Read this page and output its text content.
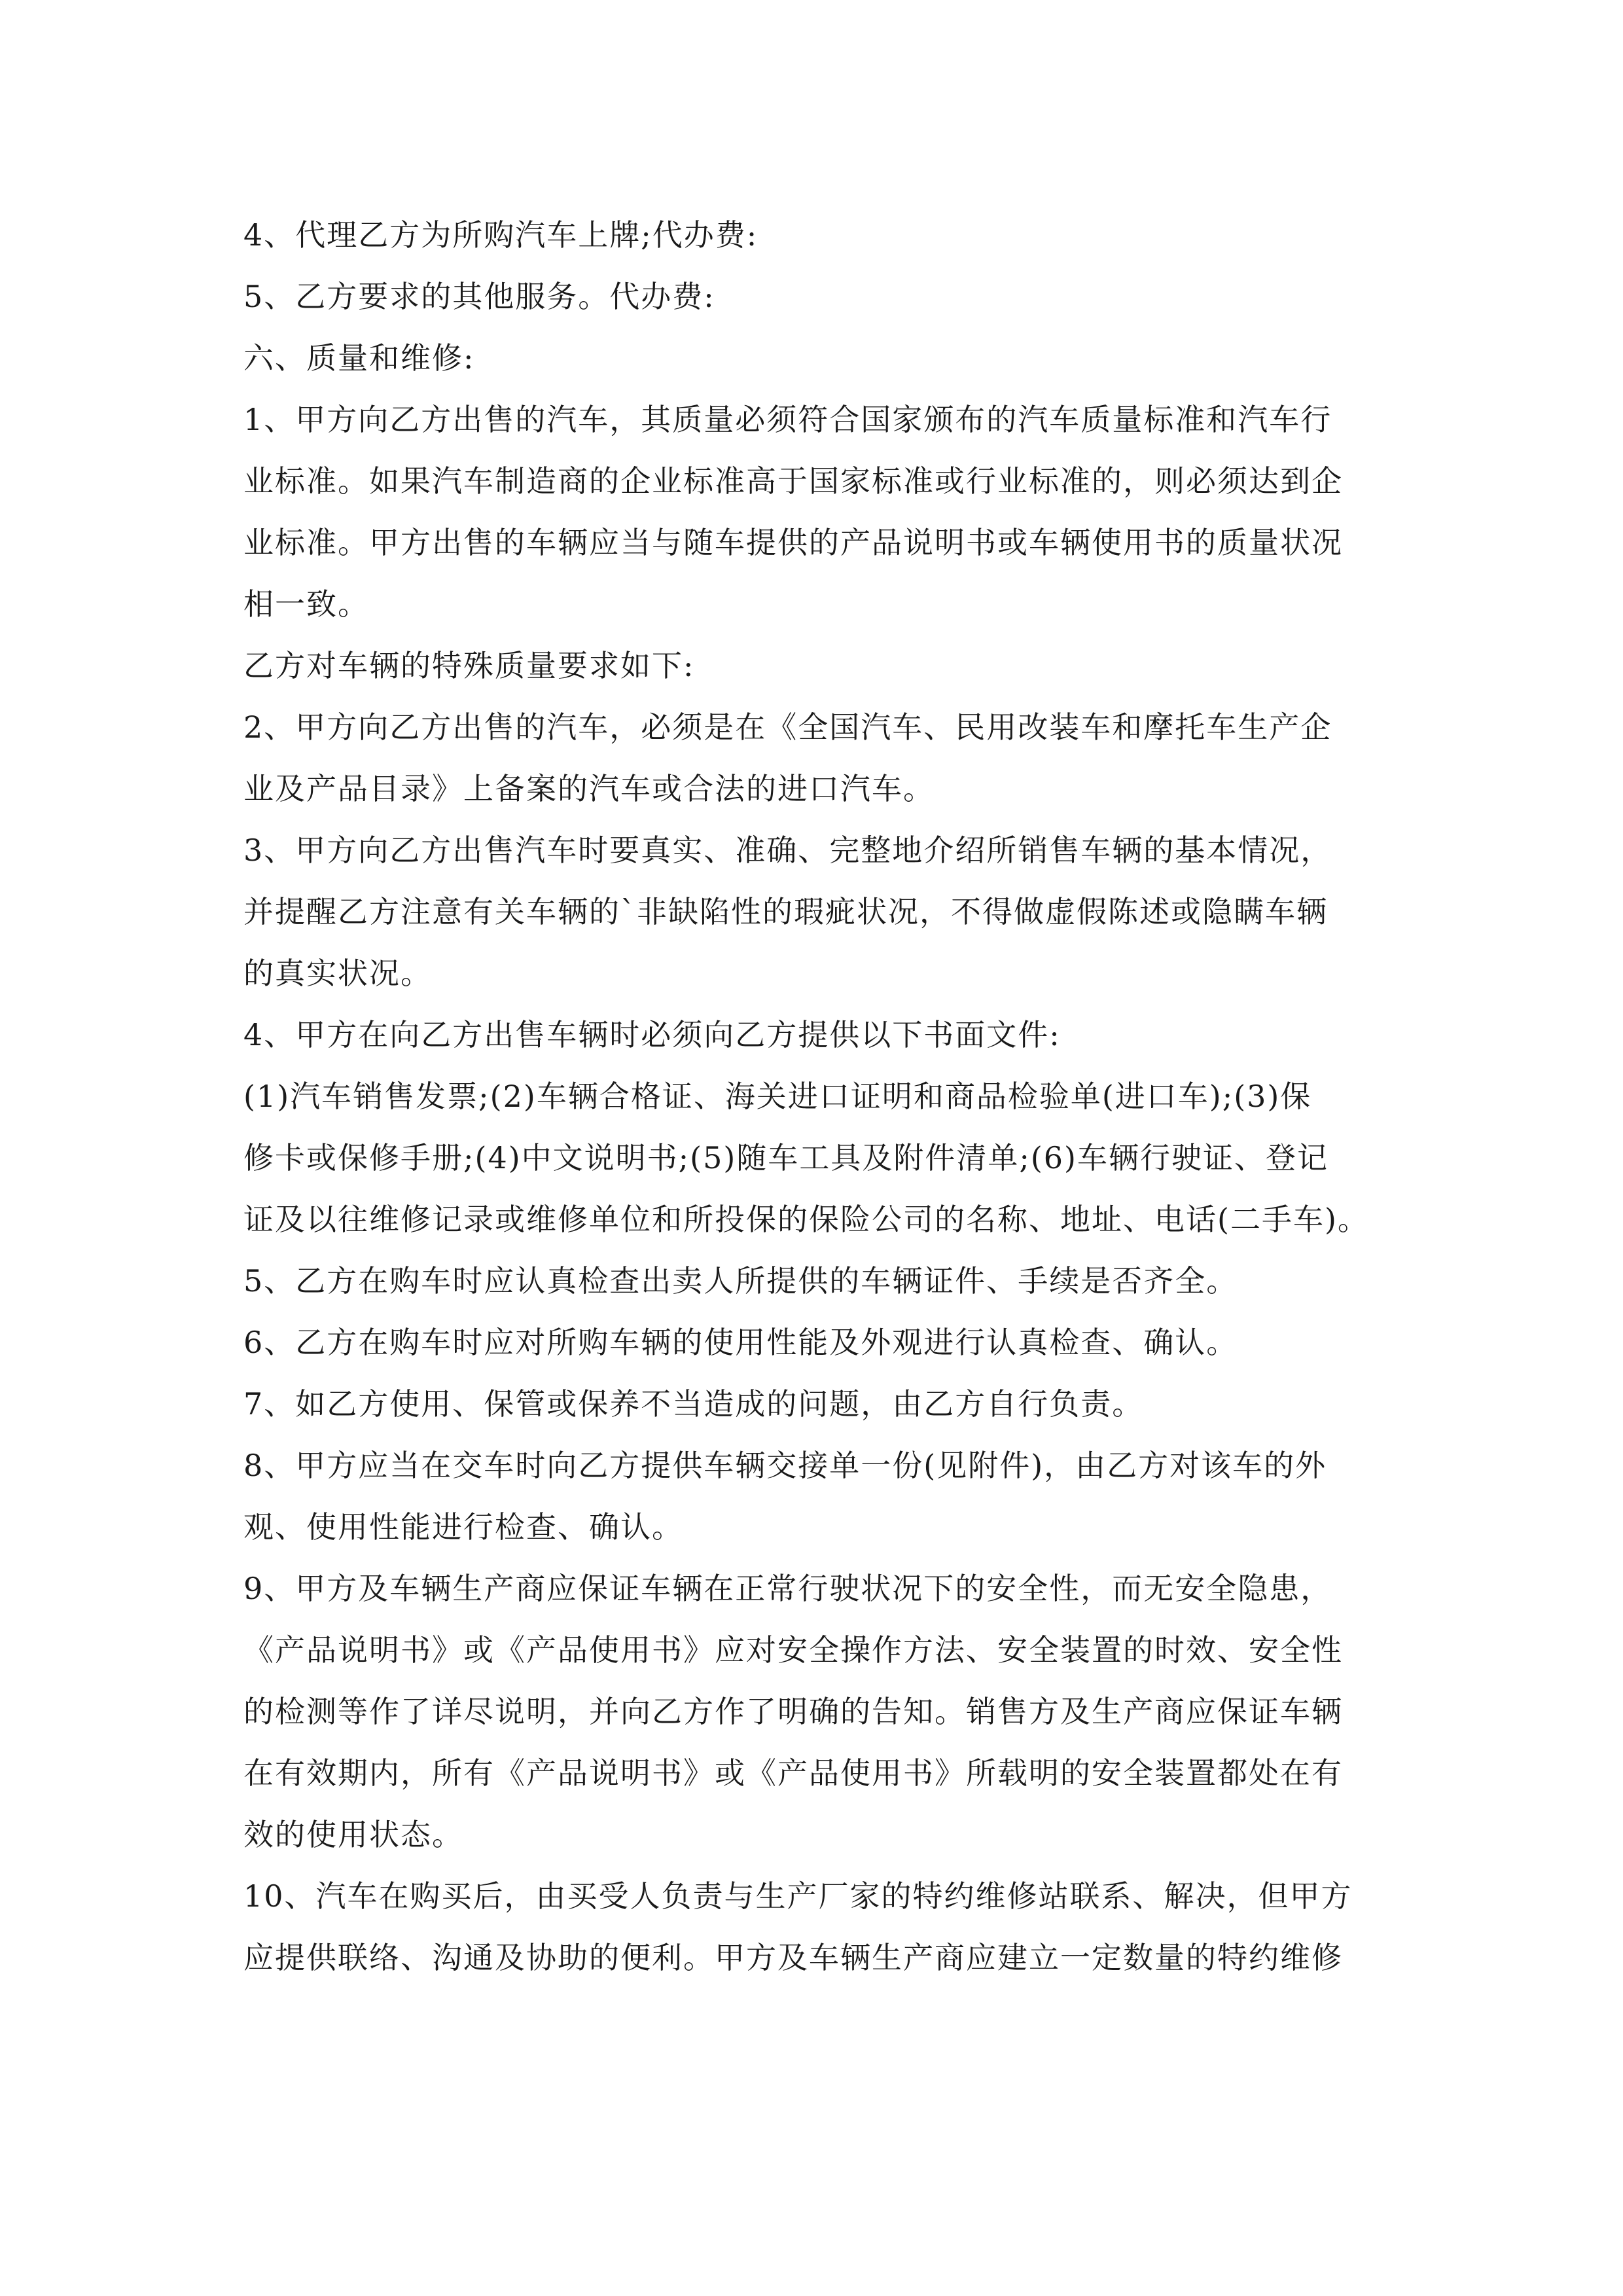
4、代理乙方为所购汽车上牌;代办费:
5、乙方要求的其他服务。代办费:
六、质量和维修:
1、甲方向乙方出售的汽车，其质量必须符合国家颁布的汽车质量标准和汽车行
业标准。如果汽车制造商的企业标准高于国家标准或行业标准的，则必须达到企
业标准。甲方出售的车辆应当与随车提供的产品说明书或车辆使用书的质量状况
相一致。
乙方对车辆的特殊质量要求如下:
2、甲方向乙方出售的汽车，必须是在《全国汽车、民用改装车和摩托车生产企
业及产品目录》上备案的汽车或合法的进口汽车。
3、甲方向乙方出售汽车时要真实、准确、完整地介绍所销售车辆的基本情况，
并提醒乙方注意有关车辆的`非缺陷性的瑕疵状况，不得做虚假陈述或隐瞒车辆
的真实状况。
4、甲方在向乙方出售车辆时必须向乙方提供以下书面文件:
(1)汽车销售发票;(2)车辆合格证、海关进口证明和商品检验单(进口车);(3)保
修卡或保修手册;(4)中文说明书;(5)随车工具及附件清单;(6)车辆行驶证、登记
证及以往维修记录或维修单位和所投保的保险公司的名称、地址、电话(二手车)。
5、乙方在购车时应认真检查出卖人所提供的车辆证件、手续是否齐全。
6、乙方在购车时应对所购车辆的使用性能及外观进行认真检查、确认。
7、如乙方使用、保管或保养不当造成的问题，由乙方自行负责。
8、甲方应当在交车时向乙方提供车辆交接单一份(见附件)，由乙方对该车的外
观、使用性能进行检查、确认。
9、甲方及车辆生产商应保证车辆在正常行驶状况下的安全性，而无安全隐患，
《产品说明书》或《产品使用书》应对安全操作方法、安全装置的时效、安全性
的检测等作了详尽说明，并向乙方作了明确的告知。销售方及生产商应保证车辆
在有效期内，所有《产品说明书》或《产品使用书》所载明的安全装置都处在有
效的使用状态。
10、汽车在购买后，由买受人负责与生产厂家的特约维修站联系、解决，但甲方
应提供联络、沟通及协助的便利。甲方及车辆生产商应建立一定数量的特约维修
